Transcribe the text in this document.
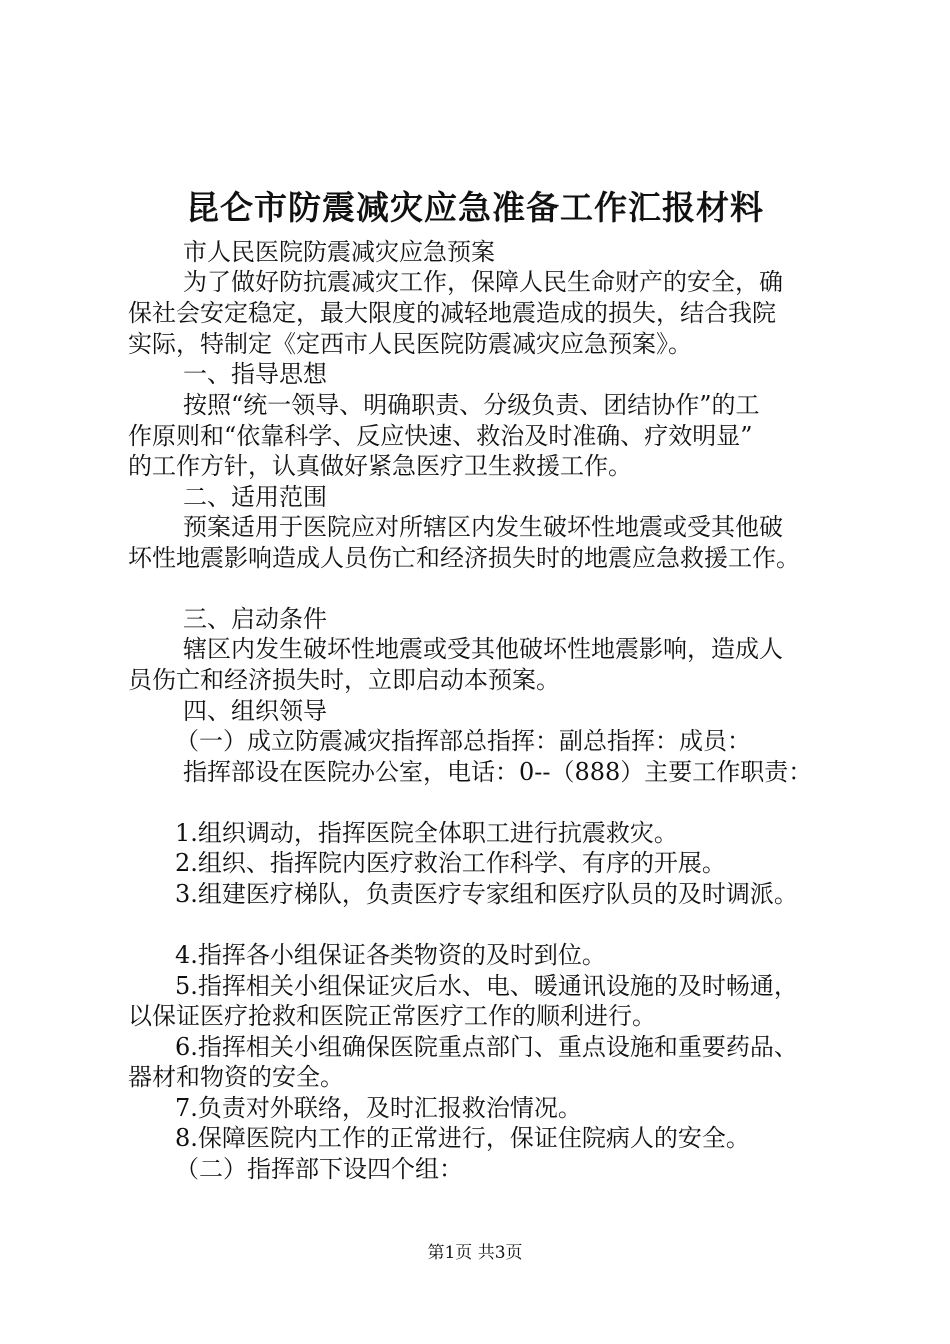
昆仑市防震减灾应急准备工作汇报材料
市人民医院防震减灾应急预案
为了做好防抗震减灾工作，保障人民生命财产的安全，确
保社会安定稳定，最大限度的减轻地震造成的损失，结合我院
实际，特制定《定西市人民医院防震减灾应急预案》。
一、指导思想
按照“统一领导、明确职责、分级负责、团结协作”的工
作原则和“依靠科学、反应快速、救治及时准确、疗效明显”
的工作方针，认真做好紧急医疗卫生救援工作。
二、适用范围
预案适用于医院应对所辖区内发生破坏性地震或受其他破
坏性地震影响造成人员伤亡和经济损失时的地震应急救援工作。
三、启动条件
辖区内发生破坏性地震或受其他破坏性地震影响，造成人
员伤亡和经济损失时，立即启动本预案。
四、组织领导
（一）成立防震减灾指挥部总指挥：副总指挥：成员：
指挥部设在医院办公室，电话：0--（888）主要工作职责：
1.组织调动，指挥医院全体职工进行抗震救灾。
2.组织、指挥院内医疗救治工作科学、有序的开展。
3.组建医疗梯队，负责医疗专家组和医疗队员的及时调派。
4.指挥各小组保证各类物资的及时到位。
5.指挥相关小组保证灾后水、电、暖通讯设施的及时畅通，
以保证医疗抢救和医院正常医疗工作的顺利进行。
6.指挥相关小组确保医院重点部门、重点设施和重要药品、
器材和物资的安全。
7.负责对外联络，及时汇报救治情况。
8.保障医院内工作的正常进行，保证住院病人的安全。
（二）指挥部下设四个组：
第1页 共3页
